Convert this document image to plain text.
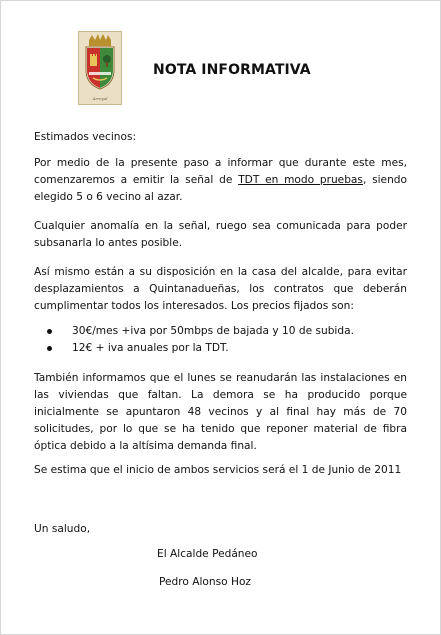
Arroyal
NOTA INFORMATIVA

Estimados vecinos:

Por medio de la presente paso a informar que durante este mes, comenzaremos a emitir la señal de TDT en modo pruebas, siendo elegido 5 o 6 vecino al azar.

Cualquier anomalía en la señal, ruego sea comunicada para poder subsanarla lo antes posible.

Así mismo están a su disposición en la casa del alcalde, para evitar desplazamientos a Quintanadueñas, los contratos que deberán cumplimentar todos los interesados. Los precios fijados son:

30€/mes +iva por 50mbps de bajada y 10 de subida.
12€ + iva anuales por la TDT.

También informamos que el lunes se reanudarán las instalaciones en las viviendas que faltan. La demora se ha producido porque inicialmente se apuntaron 48 vecinos y al final hay más de 70 solicitudes, por lo que se ha tenido que reponer material de fibra óptica debido a la altísima demanda final.

Se estima que el inicio de ambos servicios será el 1 de Junio de 2011

Un saludo,

El Alcalde Pedáneo

Pedro Alonso Hoz
